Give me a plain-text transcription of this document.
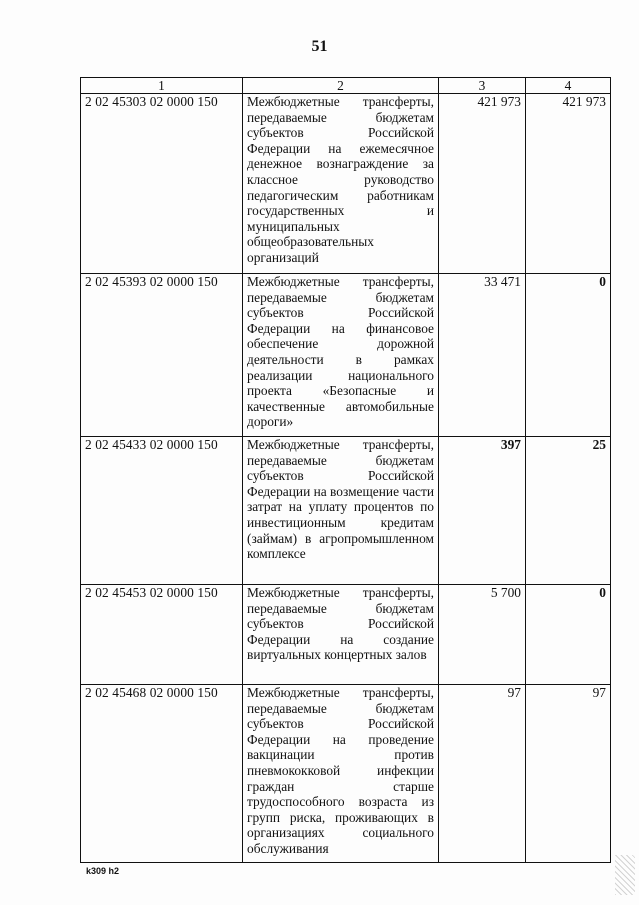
51
1	2	3	4
2 02 45303 02 0000 150	Межбюджетные трансферты, передаваемые бюджетам субъектов Российской Федерации на ежемесячное денежное вознаграждение за классное руководство педагогическим работникам государственных и муниципальных общеобразовательных организаций	421 973	421 973
2 02 45393 02 0000 150	Межбюджетные трансферты, передаваемые бюджетам субъектов Российской Федерации на финансовое обеспечение дорожной деятельности в рамках реализации национального проекта «Безопасные и качественные автомобильные дороги»	33 471	0
2 02 45433 02 0000 150	Межбюджетные трансферты, передаваемые бюджетам субъектов Российской Федерации на возмещение части затрат на уплату процентов по инвестиционным кредитам (займам) в агропромышленном комплексе	397	25
2 02 45453 02 0000 150	Межбюджетные трансферты, передаваемые бюджетам субъектов Российской Федерации на создание виртуальных концертных залов	5 700	0
2 02 45468 02 0000 150	Межбюджетные трансферты, передаваемые бюджетам субъектов Российской Федерации на проведение вакцинации против пневмококковой инфекции граждан старше трудоспособного возраста из групп риска, проживающих в организациях социального обслуживания	97	97
k309 h2
